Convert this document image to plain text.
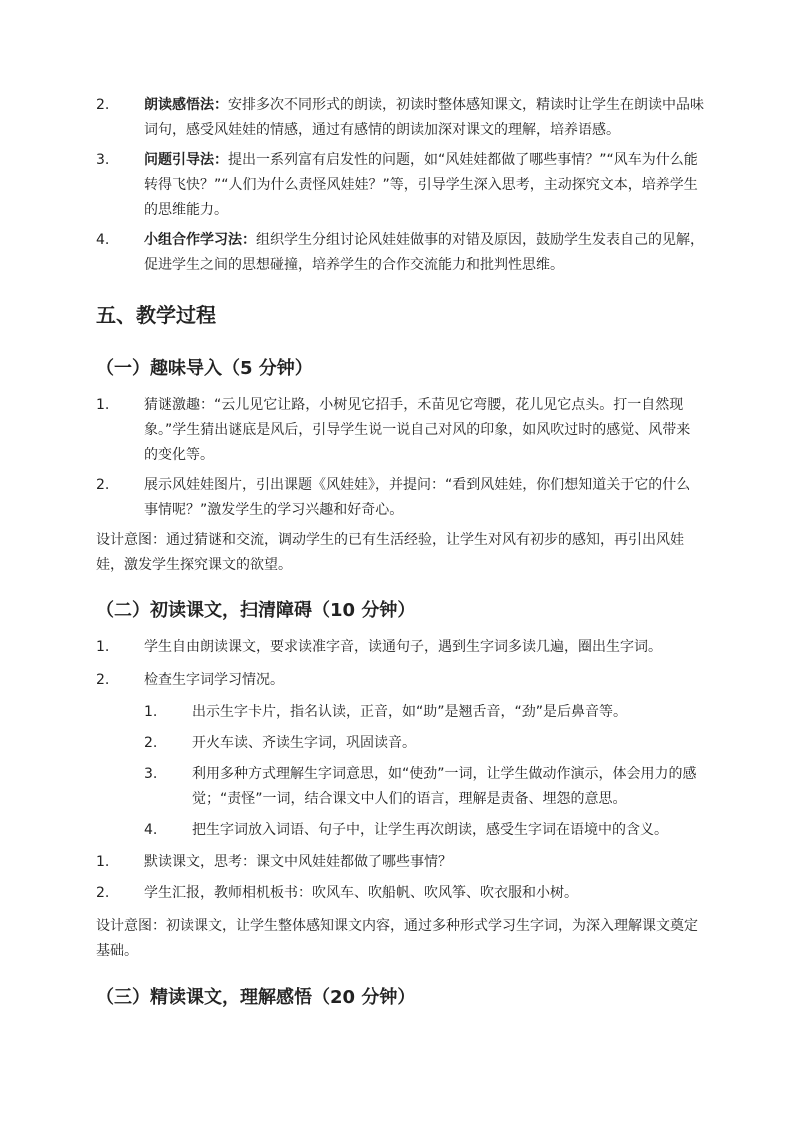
2. 朗读感悟法：安排多次不同形式的朗读，初读时整体感知课文，精读时让学生在朗读中品味词句，感受风娃娃的情感，通过有感情的朗读加深对课文的理解，培养语感。
3. 问题引导法：提出一系列富有启发性的问题，如“风娃娃都做了哪些事情？”“风车为什么能转得飞快？”“人们为什么责怪风娃娃？”等，引导学生深入思考，主动探究文本，培养学生的思维能力。
4. 小组合作学习法：组织学生分组讨论风娃娃做事的对错及原因，鼓励学生发表自己的见解，促进学生之间的思想碰撞，培养学生的合作交流能力和批判性思维。
五、教学过程
（一）趣味导入（5 分钟）
1. 猜谜激趣：“云儿见它让路，小树见它招手，禾苗见它弯腰，花儿见它点头。打一自然现象。”学生猜出谜底是风后，引导学生说一说自己对风的印象，如风吹过时的感觉、风带来的变化等。
2. 展示风娃娃图片，引出课题《风娃娃》，并提问：“看到风娃娃，你们想知道关于它的什么事情呢？”激发学生的学习兴趣和好奇心。
设计意图：通过猜谜和交流，调动学生的已有生活经验，让学生对风有初步的感知，再引出风娃娃，激发学生探究课文的欲望。
（二）初读课文，扫清障碍（10 分钟）
1. 学生自由朗读课文，要求读准字音，读通句子，遇到生字词多读几遍，圈出生字词。
2. 检查生字词学习情况。
1. 出示生字卡片，指名认读，正音，如“助”是翘舌音，“劲”是后鼻音等。
2. 开火车读、齐读生字词，巩固读音。
3. 利用多种方式理解生字词意思，如“使劲”一词，让学生做动作演示，体会用力的感觉；“责怪”一词，结合课文中人们的语言，理解是责备、埋怨的意思。
4. 把生字词放入词语、句子中，让学生再次朗读，感受生字词在语境中的含义。
1. 默读课文，思考：课文中风娃娃都做了哪些事情？
2. 学生汇报，教师相机板书：吹风车、吹船帆、吹风筝、吹衣服和小树。
设计意图：初读课文，让学生整体感知课文内容，通过多种形式学习生字词，为深入理解课文奠定基础。
（三）精读课文，理解感悟（20 分钟）
